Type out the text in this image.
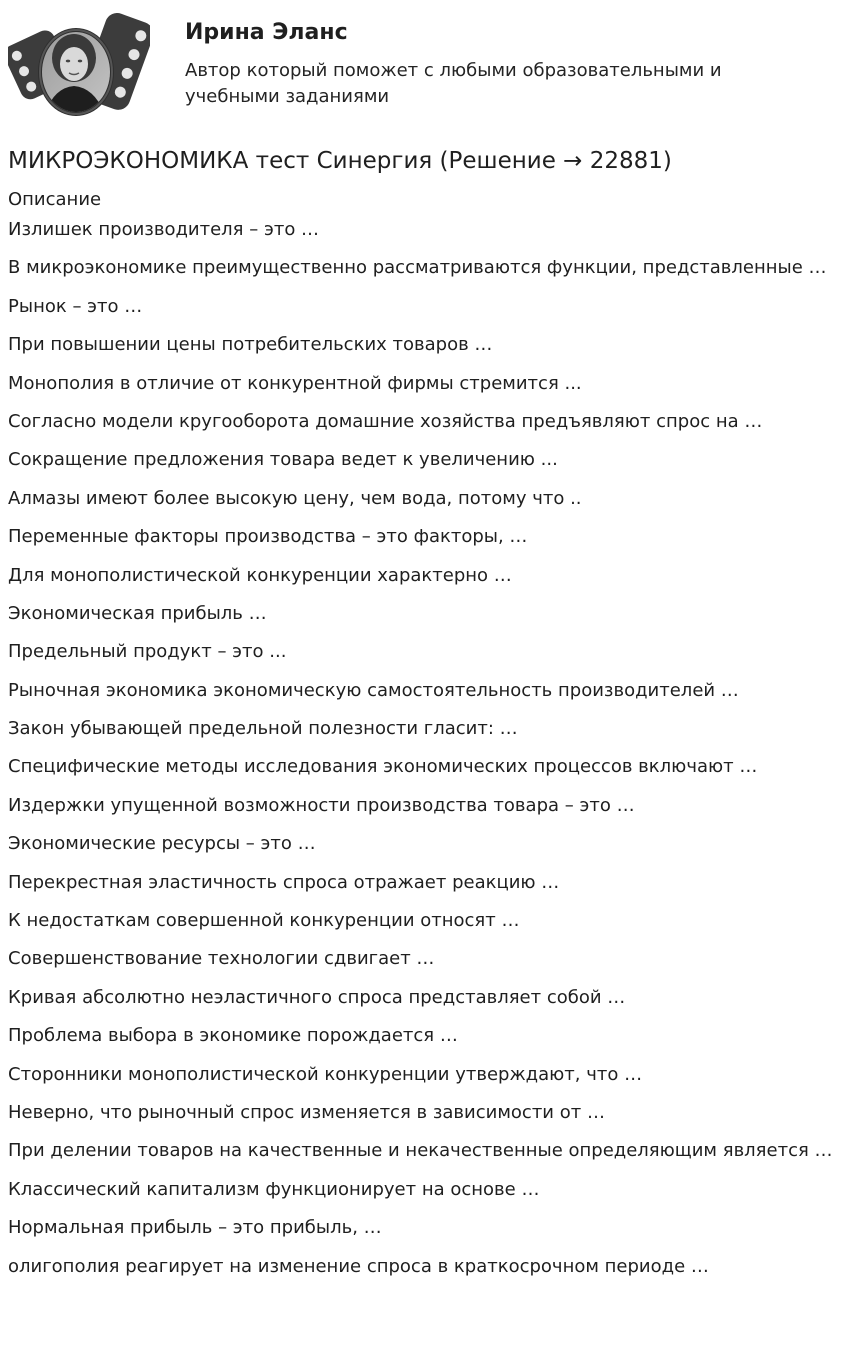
Ирина Эланс

Автор который поможет с любыми образовательными и учебными заданиями

МИКРОЭКОНОМИКА тест Синергия (Решение → 22881)
Описание
Излишек производителя – это …
В микроэкономике преимущественно рассматриваются функции, представленные …
Рынок – это …
При повышении цены потребительских товаров …
Монополия в отличие от конкурентной фирмы стремится ...
Согласно модели кругооборота домашние хозяйства предъявляют спрос на …
Сокращение предложения товара ведет к увеличению ...
Алмазы имеют более высокую цену, чем вода, потому что ..
Переменные факторы производства – это факторы, …
Для монополистической конкуренции характерно …
Экономическая прибыль …
Предельный продукт – это ...
Рыночная экономика экономическую самостоятельность производителей …
Закон убывающей предельной полезности гласит: …
Специфические методы исследования экономических процессов включают …
Издержки упущенной возможности производства товара – это …
Экономические ресурсы – это …
Перекрестная эластичность спроса отражает реакцию …
К недостаткам совершенной конкуренции относят …
Совершенствование технологии сдвигает …
Кривая абсолютно неэластичного спроса представляет собой …
Проблема выбора в экономике порождается …
Сторонники монополистической конкуренции утверждают, что …
Неверно, что рыночный спрос изменяется в зависимости от …
При делении товаров на качественные и некачественные определяющим является …
Классический капитализм функционирует на основе …
Нормальная прибыль – это прибыль, …
олигополия реагирует на изменение спроса в краткосрочном периоде …
